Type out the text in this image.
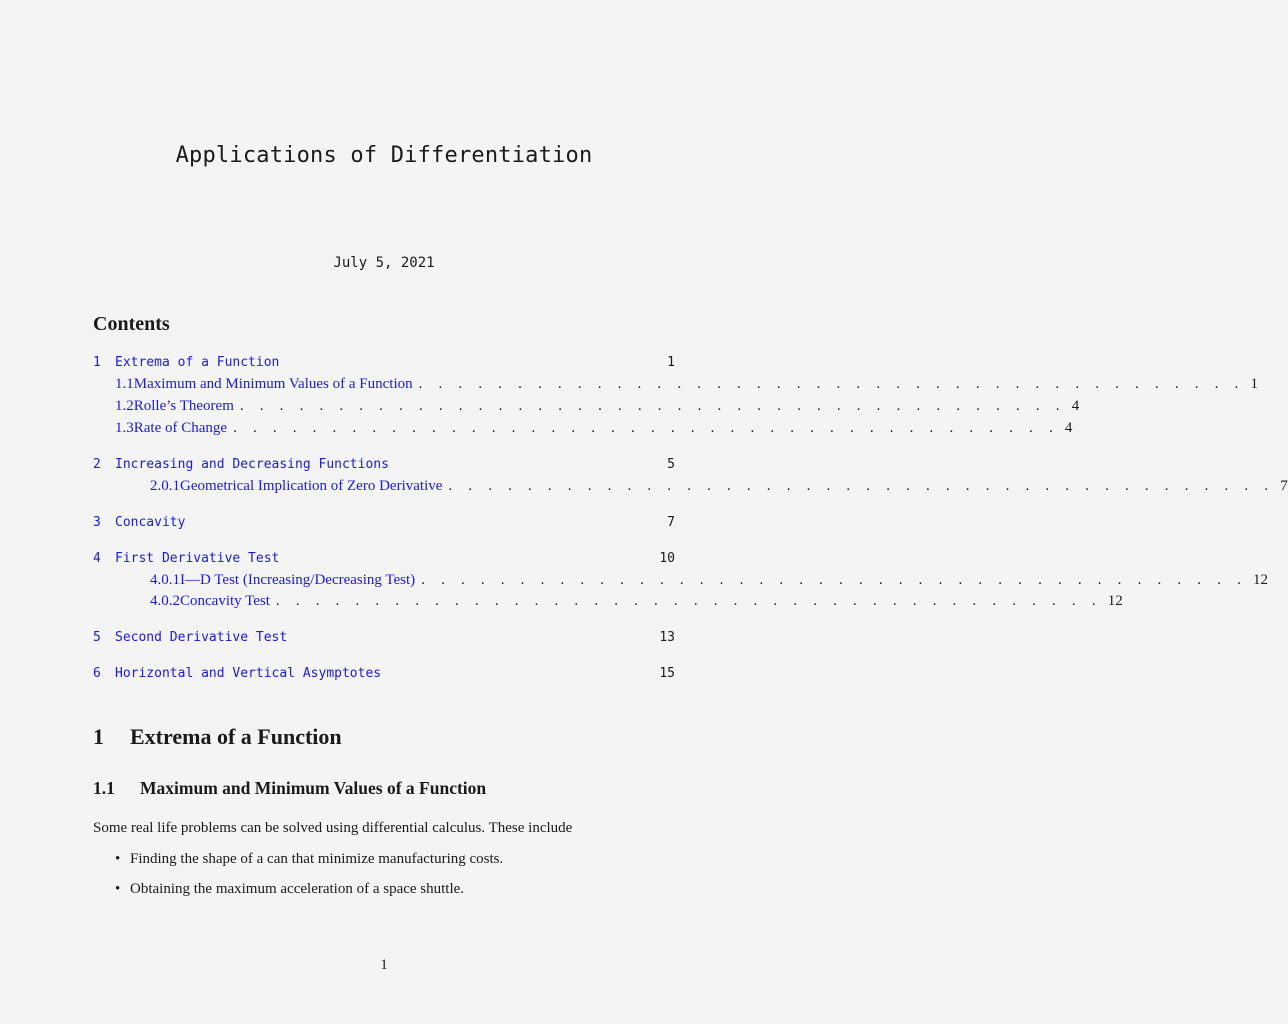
Applications of Differentiation
July 5, 2021
Contents
1	Extrema of a Function	1
1.1 Maximum and Minimum Values of a Function . . . . . . . . . . . . . . . . . . . . . . . . . . . . . . . . . . . . . . . . . . 1
1.2 Rolle’s Theorem . . . . . . . . . . . . . . . . . . . . . . . . . . . . . . . . . . . . . . . . . . 4
1.3 Rate of Change . . . . . . . . . . . . . . . . . . . . . . . . . . . . . . . . . . . . . . . . . . 4
2	Increasing and Decreasing Functions	5
2.0.1 Geometrical Implication of Zero Derivative . . . . . . . . . . . . . . . . . . . . . . . . . . . . . . . . . . . . . . . . . . 7
3	Concavity	7
4	First Derivative Test	10
4.0.1 I—D Test (Increasing/Decreasing Test) . . . . . . . . . . . . . . . . . . . . . . . . . . . . . . . . . . . . . . . . . . 12
4.0.2 Concavity Test . . . . . . . . . . . . . . . . . . . . . . . . . . . . . . . . . . . . . . . . . . 12
5	Second Derivative Test	13
6	Horizontal and Vertical Asymptotes	15
1 Extrema of a Function
1.1 Maximum and Minimum Values of a Function
Some real life problems can be solved using differential calculus. These include
• Finding the shape of a can that minimize manufacturing costs.
• Obtaining the maximum acceleration of a space shuttle.
1
